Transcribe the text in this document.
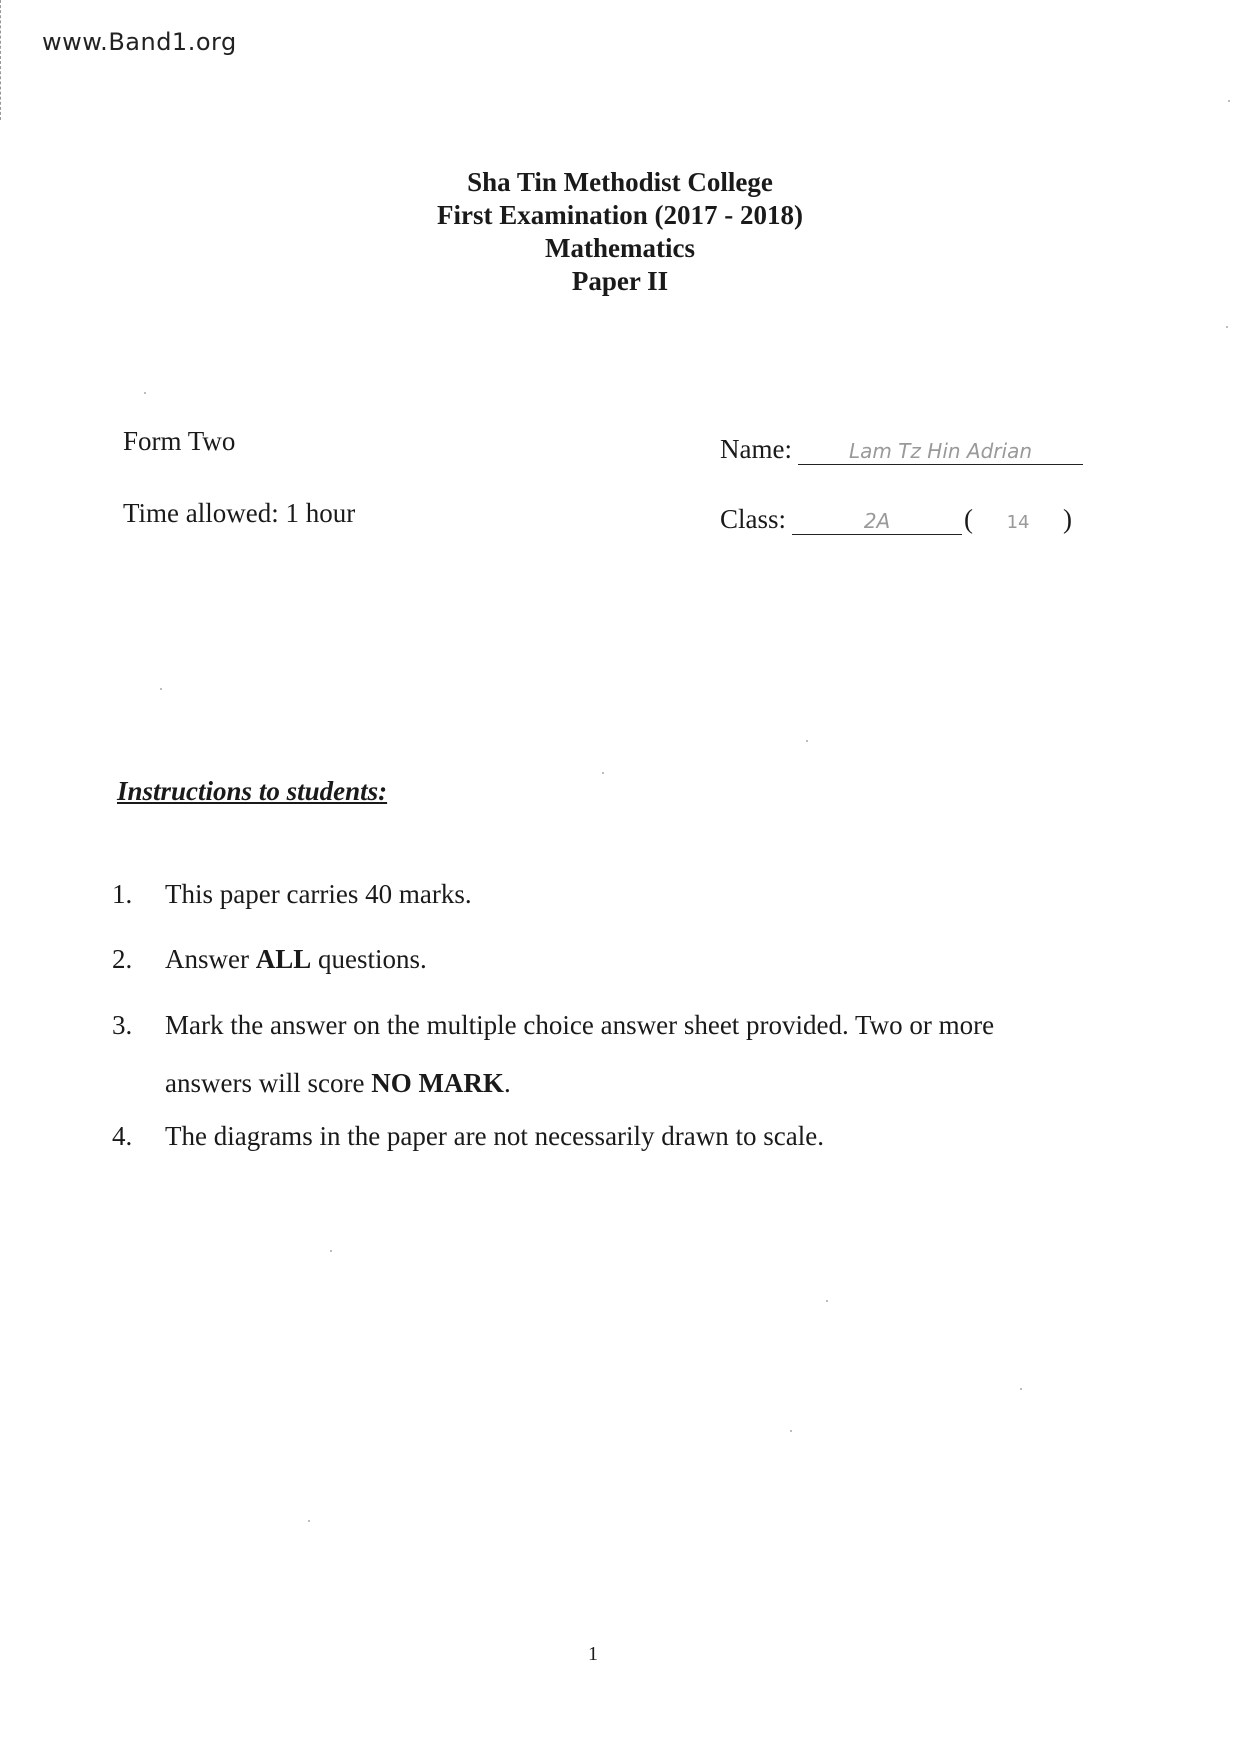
www.Band1.org
Sha Tin Methodist College
First Examination (2017 - 2018)
Mathematics
Paper II
Form Two
Time allowed: 1 hour
Name:	Lam Tz Hin Adrian
Class:	2A	( 14 )
Instructions to students:
1. This paper carries 40 marks.
2. Answer ALL questions.
3. Mark the answer on the multiple choice answer sheet provided. Two or more answers will score NO MARK.
4. The diagrams in the paper are not necessarily drawn to scale.
1
